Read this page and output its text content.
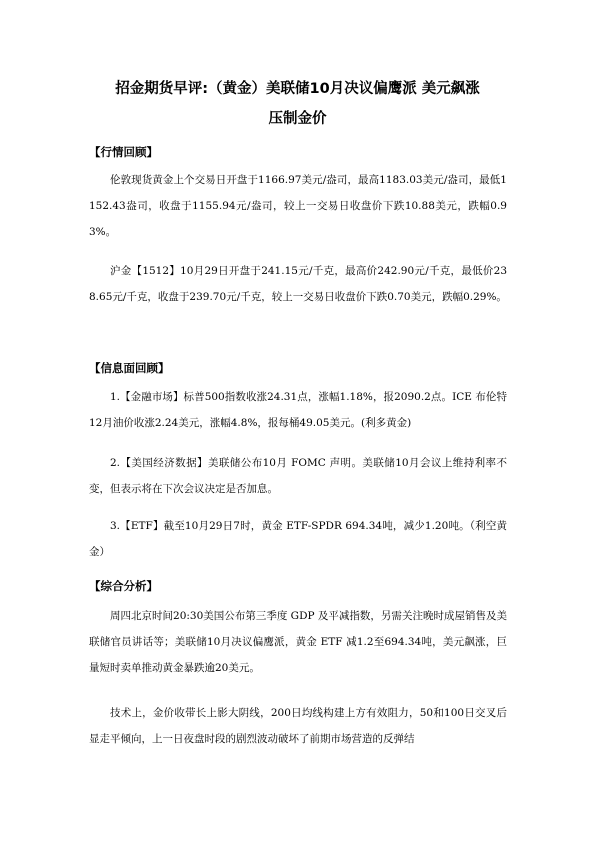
招金期货早评:（黄金）美联储10月决议偏鹰派 美元飙涨
压制金价
【行情回顾】

伦敦现货黄金上个交易日开盘于1166.97美元/盎司，最高1183.03美元/盎司，最低1152.43盎司，收盘于1155.94元/盎司，较上一交易日收盘价下跌10.88美元，跌幅0.93%。

沪金【1512】10月29日开盘于241.15元/千克，最高价242.90元/千克，最低价238.65元/千克，收盘于239.70元/千克，较上一交易日收盘价下跌0.70美元，跌幅0.29%。

【信息面回顾】

1.【金融市场】标普500指数收涨24.31点，涨幅1.18%，报2090.2点。ICE 布伦特12月油价收涨2.24美元，涨幅4.8%，报每桶49.05美元。(利多黄金)

2.【美国经济数据】美联储公布10月 FOMC 声明。美联储10月会议上维持利率不变，但表示将在下次会议决定是否加息。

3.【ETF】截至10月29日7时，黄金 ETF-SPDR 694.34吨，减少1.20吨。（利空黄金）

【综合分析】

周四北京时间20:30美国公布第三季度 GDP 及平减指数，另需关注晚时成屋销售及美联储官员讲话等；美联储10月决议偏鹰派，黄金 ETF 减1.2至694.34吨，美元飙涨，巨量短时卖单推动黄金暴跌逾20美元。

技术上，金价收带长上影大阴线，200日均线构建上方有效阻力，50和100日交叉后显走平倾向，上一日夜盘时段的剧烈波动破坏了前期市场营造的反弹结
